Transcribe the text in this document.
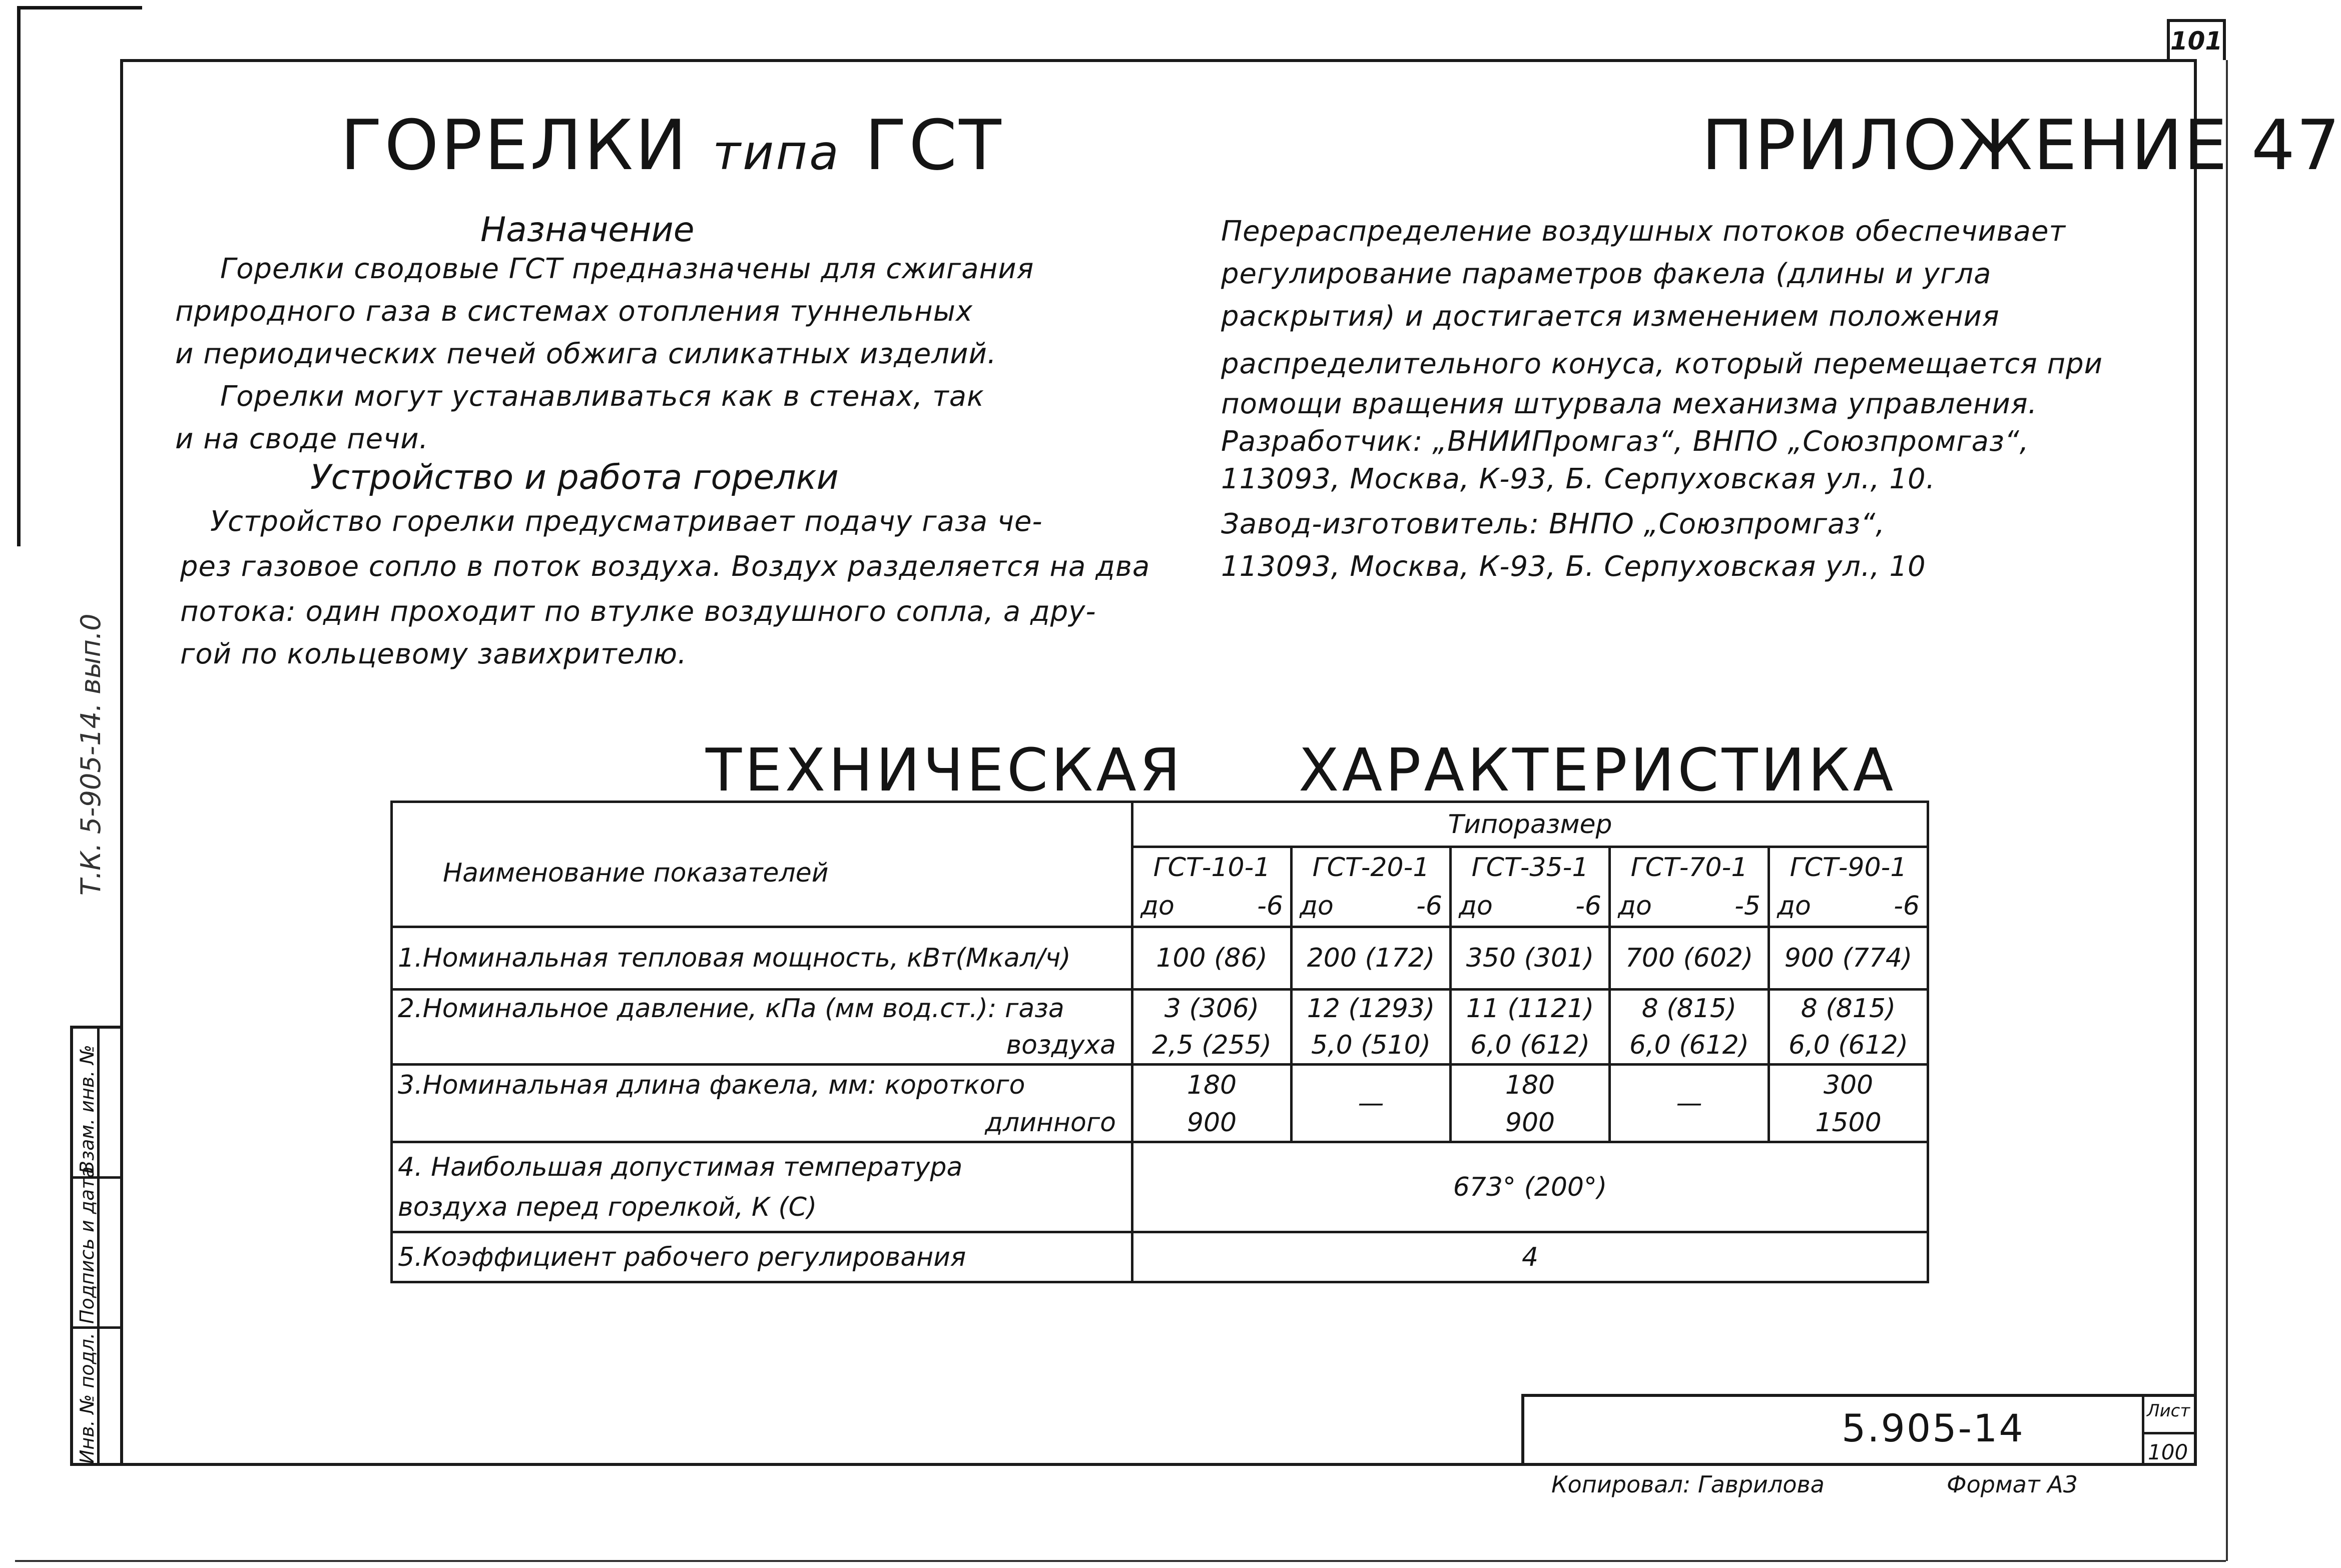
101
Т.К. 5-905-14. вып.0
Инв. № подл.
Подпись и дата
Взам. инв. №
ГОРЕЛКИ типа ГСТ	ПРИЛОЖЕНИЕ 47
Назначение
Горелки сводовые ГСТ предназначены для сжигания
природного газа в системах отопления туннельных
и периодических печей обжига силикатных изделий.
Горелки могут устанавливаться как в стенах, так
и на своде печи.
Устройство и работа горелки
Устройство горелки предусматривает подачу газа че-
рез газовое сопло в поток воздуха. Воздух разделяется на два
потока: один проходит по втулке воздушного сопла, а дру-
гой по кольцевому завихрителю.
Перераспределение воздушных потоков обеспечивает
регулирование параметров факела (длины и угла
раскрытия) и достигается изменением положения
распределительного конуса, который перемещается при
помощи вращения штурвала механизма управления.
Разработчик: „ВНИИПромгаз“, ВНПО „Союзпромгаз“,
113093, Москва, К-93, Б. Серпуховская ул., 10.
Завод-изготовитель: ВНПО „Союзпромгаз“,
113093, Москва, К-93, Б. Серпуховская ул., 10
ТЕХНИЧЕСКАЯ ХАРАКТЕРИСТИКА
Наименование показателей	Типоразмер				
	ГСТ-10-1	ГСТ-20-1	ГСТ-35-1	ГСТ-70-1	ГСТ-90-1

	до -6	до -6	до -6	до -5	до -6

1.Номинальная тепловая мощность, кВт(Мкал/ч)	100 (86)	200 (172)	350 (301)	700 (602)	900 (774)
2.Номинальное давление, кПа (мм вод.ст.): газа	3 (306)	12 (1293)	11 (1121)	8 (815)	8 (815)
воздуха	2,5 (255)	5,0 (510)	6,0 (612)	6,0 (612)	6,0 (612)
3.Номинальная длина факела, мм: короткого	180	—	180	—	300
длинного	900		900		1500

4. Наибольшая допустимая температура
воздуха перед горелкой, К (С)	673° (200°)				
5.Коэффициент рабочего регулирования	4				
5.905-14	Лист
100
Копировал: Гаврилова	Формат А3
